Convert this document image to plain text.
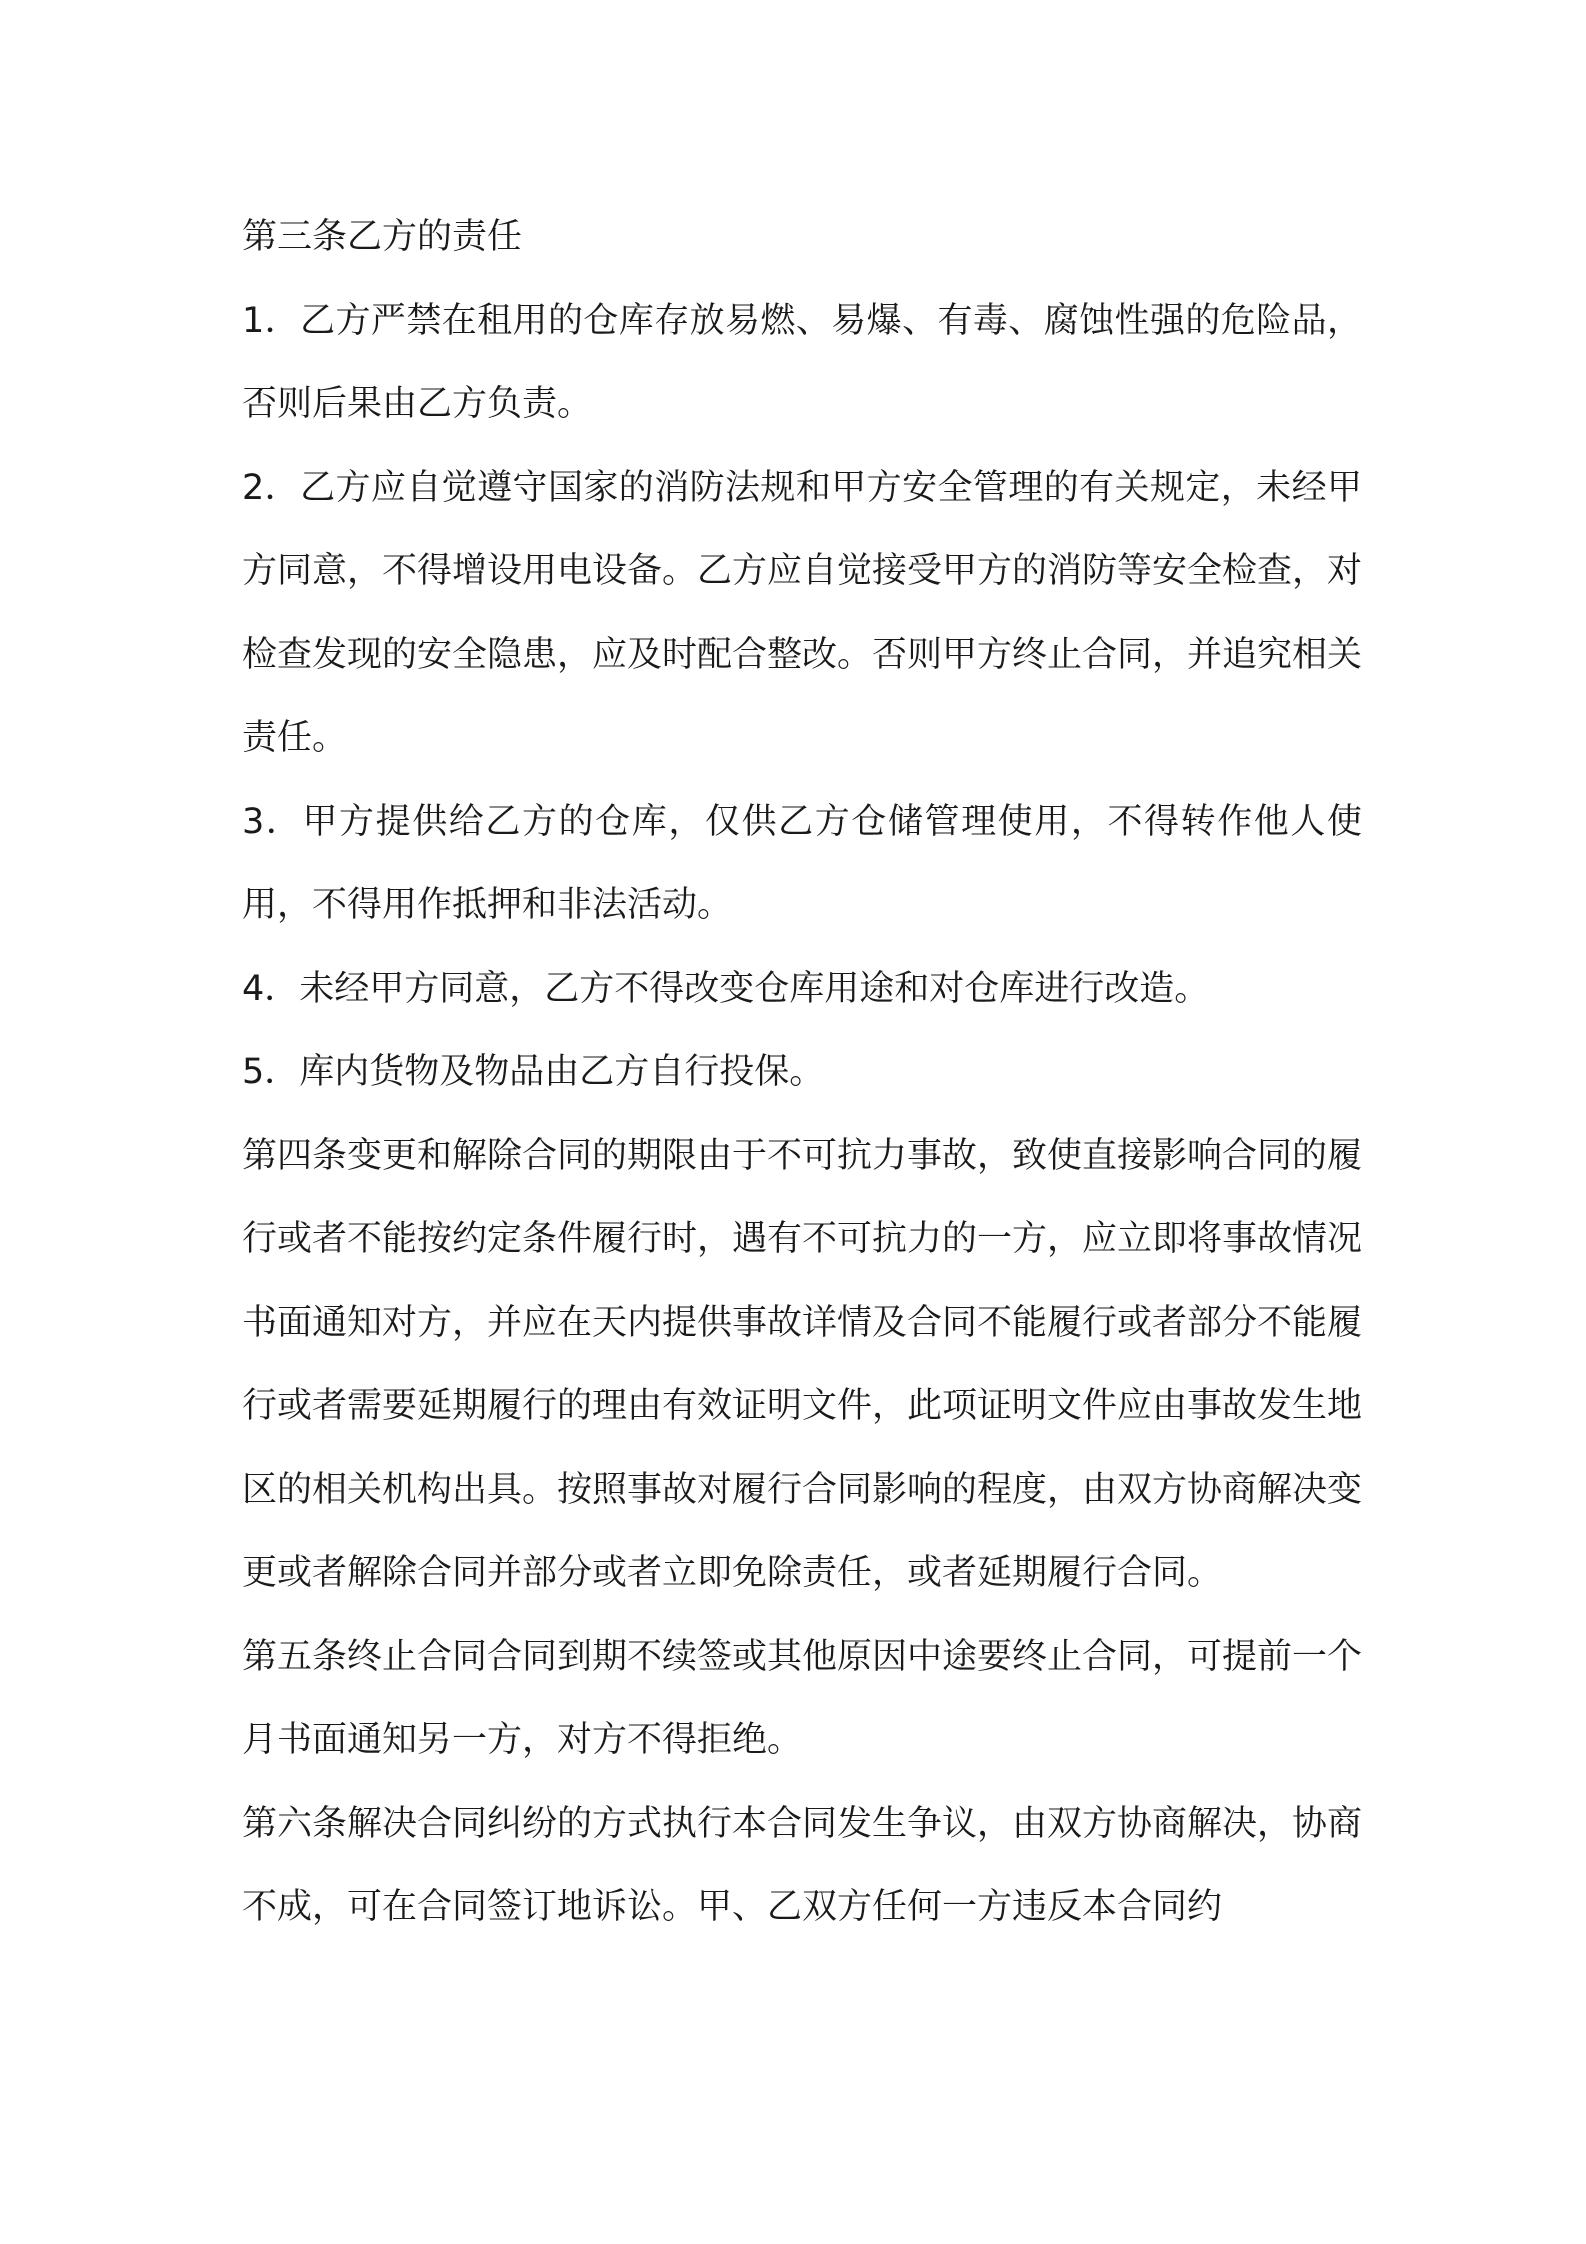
第三条乙方的责任

1．乙方严禁在租用的仓库存放易燃、易爆、有毒、腐蚀性强的危险品，否则后果由乙方负责。

2．乙方应自觉遵守国家的消防法规和甲方安全管理的有关规定，未经甲方同意，不得增设用电设备。乙方应自觉接受甲方的消防等安全检查，对检查发现的安全隐患，应及时配合整改。否则甲方终止合同，并追究相关责任。

3．甲方提供给乙方的仓库，仅供乙方仓储管理使用，不得转作他人使用，不得用作抵押和非法活动。

4．未经甲方同意，乙方不得改变仓库用途和对仓库进行改造。

5．库内货物及物品由乙方自行投保。

第四条变更和解除合同的期限由于不可抗力事故，致使直接影响合同的履行或者不能按约定条件履行时，遇有不可抗力的一方，应立即将事故情况书面通知对方，并应在天内提供事故详情及合同不能履行或者部分不能履行或者需要延期履行的理由有效证明文件，此项证明文件应由事故发生地区的相关机构出具。按照事故对履行合同影响的程度，由双方协商解决变更或者解除合同并部分或者立即免除责任，或者延期履行合同。

第五条终止合同合同到期不续签或其他原因中途要终止合同，可提前一个月书面通知另一方，对方不得拒绝。

第六条解决合同纠纷的方式执行本合同发生争议，由双方协商解决，协商不成，可在合同签订地诉讼。甲、乙双方任何一方违反本合同约
